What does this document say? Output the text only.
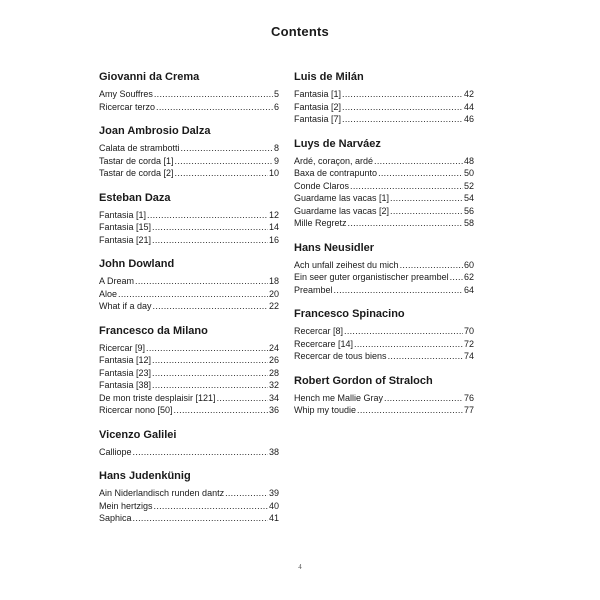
Contents
Giovanni da Crema
Amy Souffres .....	5
Ricercar terzo .....	6
Joan Ambrosio Dalza
Calata de strambotti .....	8
Tastar de corda [1] .....	9
Tastar de corda [2] .....	10
Esteban Daza
Fantasia [1] .....	12
Fantasia [15] .....	14
Fantasia [21] .....	16
John Dowland
A Dream .....	18
Aloe .....	20
What if a day .....	22
Francesco da Milano
Ricercar [9] .....	24
Fantasia [12] .....	26
Fantasia [23] .....	28
Fantasia [38] .....	32
De mon triste desplaisir [121] .....	34
Ricercar nono [50] .....	36
Vicenzo Galilei
Calliope .....	38
Hans Judenkünig
Ain Niderlandisch runden dantz .....	39
Mein hertzigs .....	40
Saphica .....	41
Luis de Milán
Fantasia [1] .....	42
Fantasia [2] .....	44
Fantasia [7] .....	46
Luys de Narváez
Ardé, coraçon, ardé .....	48
Baxa de contrapunto .....	50
Conde Claros .....	52
Guardame las vacas [1] .....	54
Guardame las vacas [2] .....	56
Mille Regretz .....	58
Hans Neusidler
Ach unfall zeihest du mich .....	60
Ein seer guter organistischer preambel ..... 62
Preambel .....	64
Francesco Spinacino
Recercar [8] .....	70
Recercare [14] .....	72
Recercar de tous biens .....	74
Robert Gordon of Straloch
Hench me Mallie Gray .....	76
Whip my toudie .....	77
4
